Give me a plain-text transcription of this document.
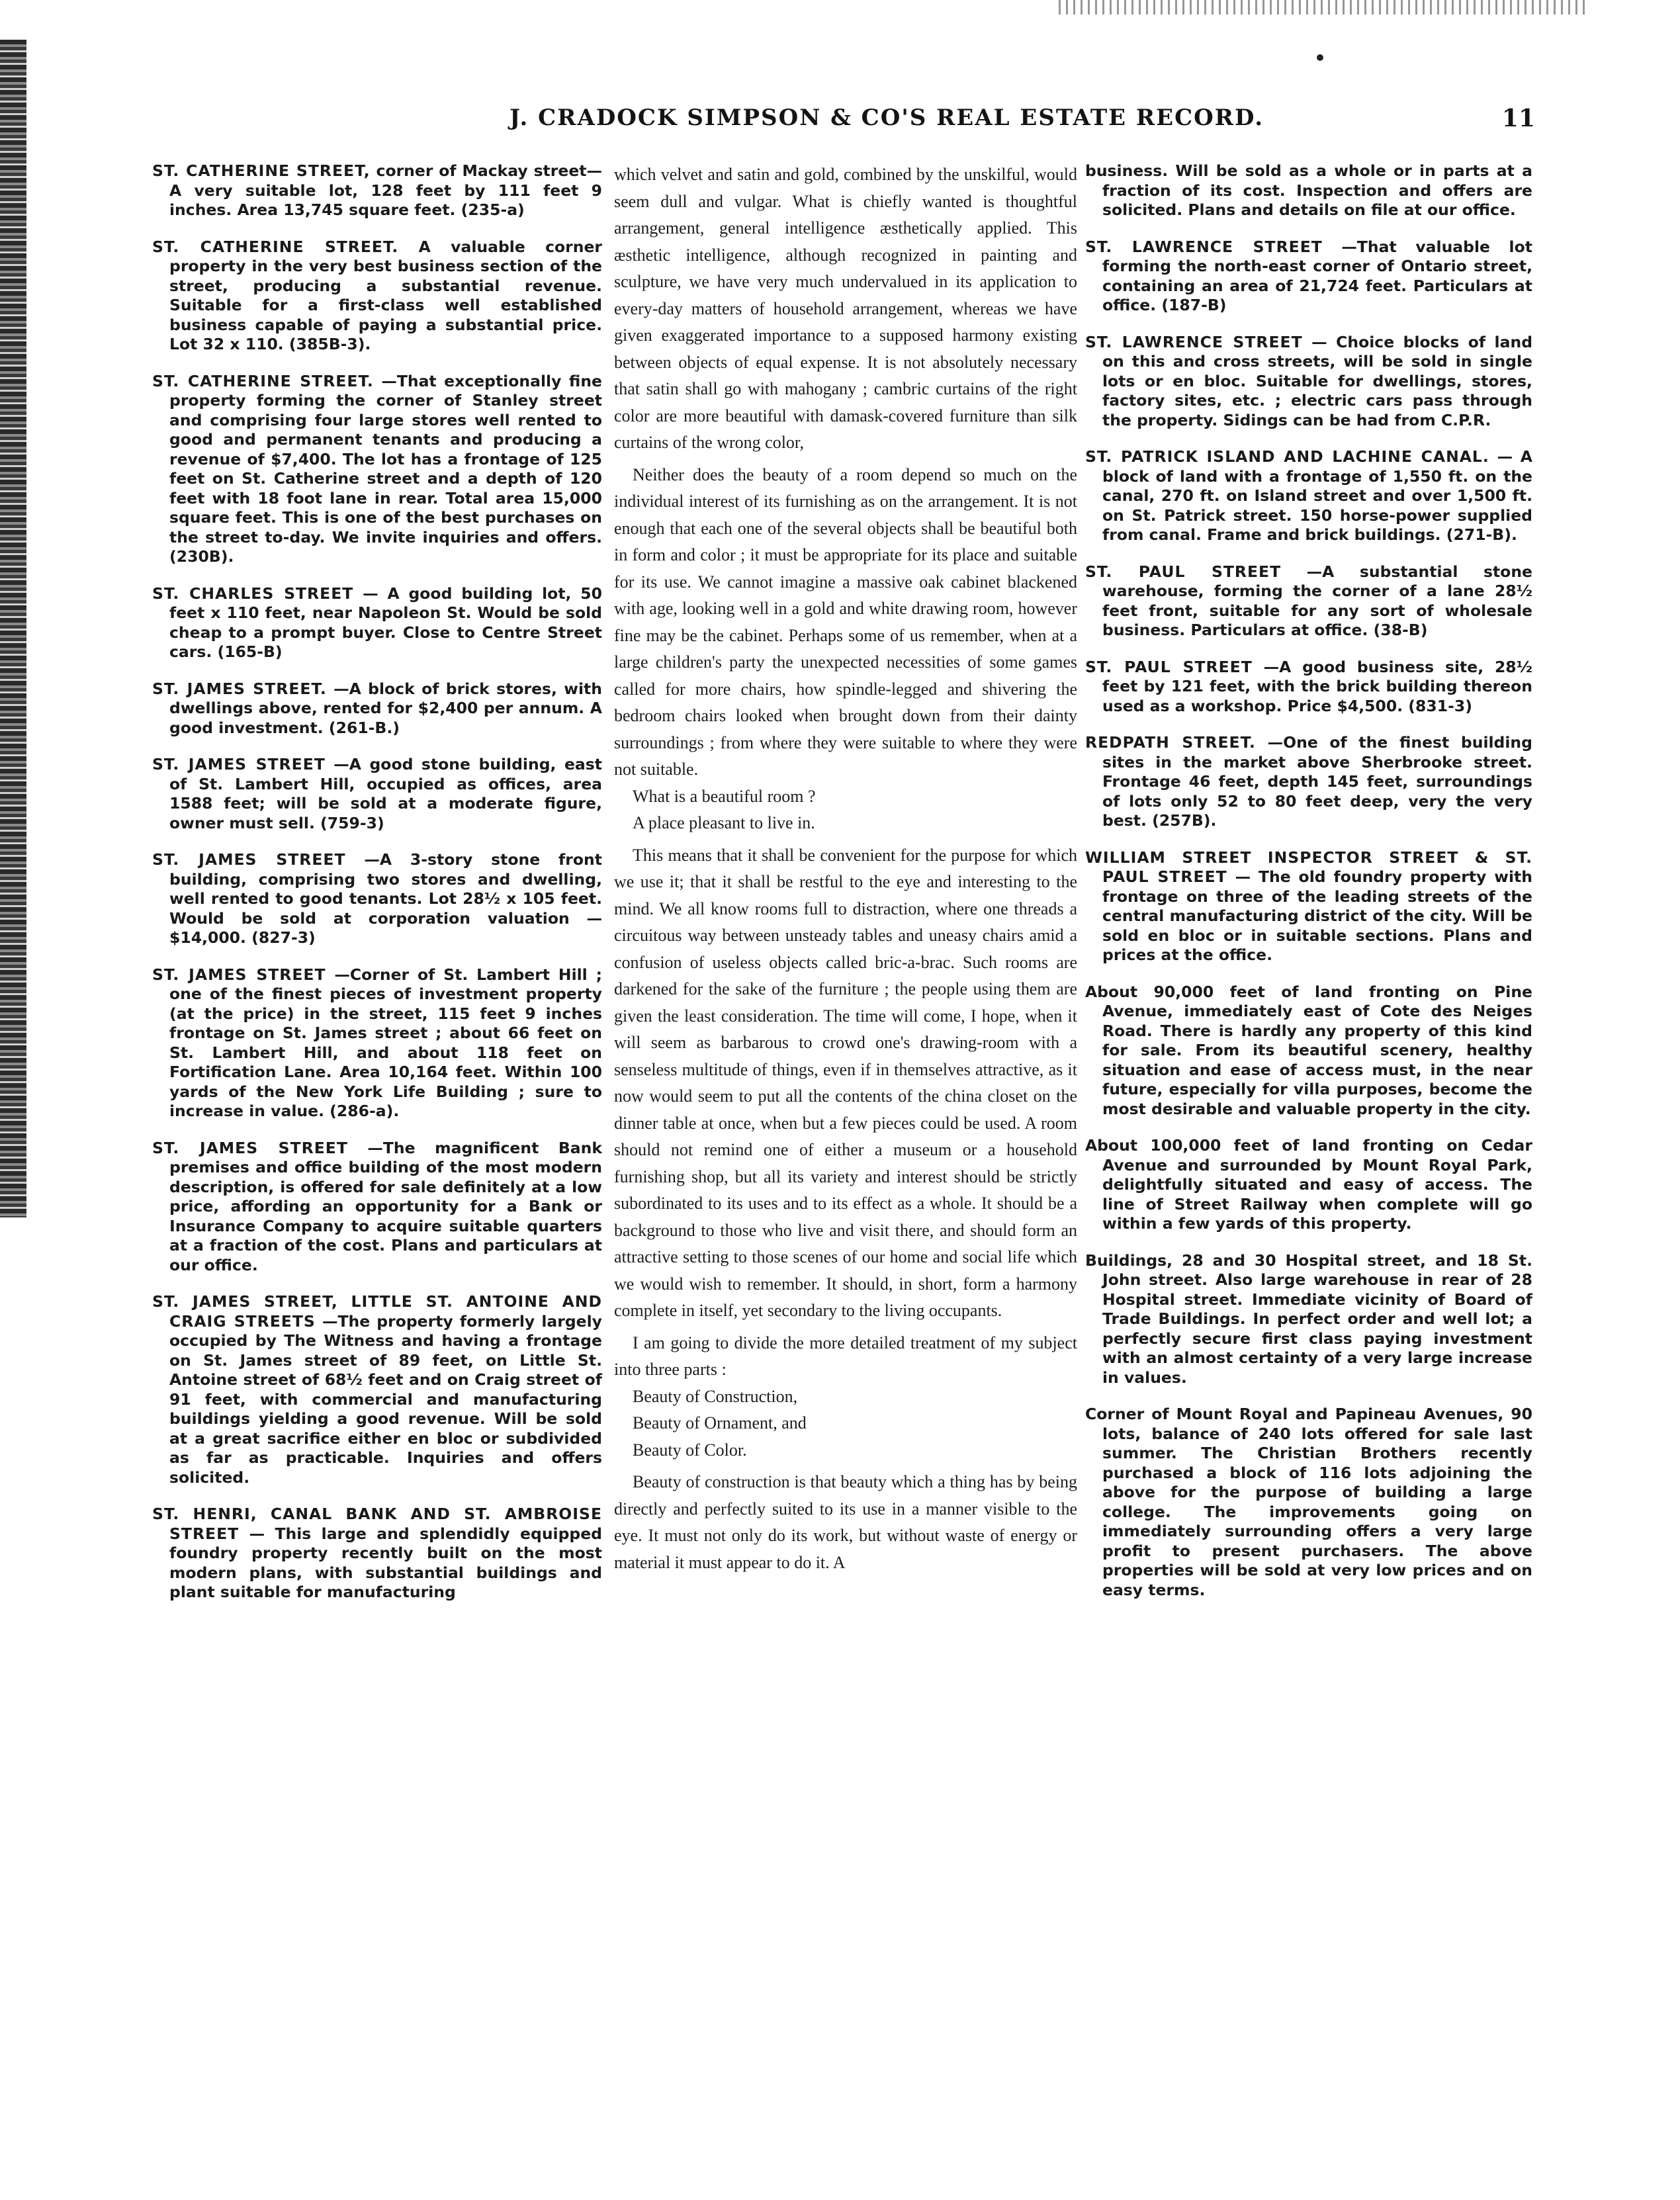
J. CRADOCK SIMPSON & CO'S REAL ESTATE RECORD.	11

ST. CATHERINE STREET, corner of Mackay street—A very suitable lot, 128 feet by 111 feet 9 inches. Area 13,745 square feet. (235-a)

ST. CATHERINE STREET. A valuable corner property in the very best business section of the street, producing a substantial revenue. Suitable for a first-class well established business capable of paying a substantial price. Lot 32 x 110. (385B-3).

ST. CATHERINE STREET. —That exceptionally fine property forming the corner of Stanley street and comprising four large stores well rented to good and permanent tenants and producing a revenue of $7,400. The lot has a frontage of 125 feet on St. Catherine street and a depth of 120 feet with 18 foot lane in rear. Total area 15,000 square feet. This is one of the best purchases on the street to-day. We invite inquiries and offers. (230B).

ST. CHARLES STREET — A good building lot, 50 feet x 110 feet, near Napoleon St. Would be sold cheap to a prompt buyer. Close to Centre Street cars. (165-B)

ST. JAMES STREET. —A block of brick stores, with dwellings above, rented for $2,400 per annum. A good investment. (261-B.)

ST. JAMES STREET —A good stone building, east of St. Lambert Hill, occupied as offices, area 1588 feet; will be sold at a moderate figure, owner must sell. (759-3)

ST. JAMES STREET —A 3-story stone front building, comprising two stores and dwelling, well rented to good tenants. Lot 28½ x 105 feet. Would be sold at corporation valuation — $14,000. (827-3)

ST. JAMES STREET —Corner of St. Lambert Hill ; one of the finest pieces of investment property (at the price) in the street, 115 feet 9 inches frontage on St. James street ; about 66 feet on St. Lambert Hill, and about 118 feet on Fortification Lane. Area 10,164 feet. Within 100 yards of the New York Life Building ; sure to increase in value. (286-a).

ST. JAMES STREET —The magnificent Bank premises and office building of the most modern description, is offered for sale definitely at a low price, affording an opportunity for a Bank or Insurance Company to acquire suitable quarters at a fraction of the cost. Plans and particulars at our office.

ST. JAMES STREET, LITTLE ST. ANTOINE AND CRAIG STREETS —The property formerly largely occupied by The Witness and having a frontage on St. James street of 89 feet, on Little St. Antoine street of 68½ feet and on Craig street of 91 feet, with commercial and manufacturing buildings yielding a good revenue. Will be sold at a great sacrifice either en bloc or subdivided as far as practicable. Inquiries and offers solicited.

ST. HENRI, CANAL BANK AND ST. AMBROISE STREET — This large and splendidly equipped foundry property recently built on the most modern plans, with substantial buildings and plant suitable for manufacturing

which velvet and satin and gold, combined by the unskilful, would seem dull and vulgar. What is chiefly wanted is thoughtful arrangement, general intelligence æsthetically applied. This æsthetic intelligence, although recognized in painting and sculpture, we have very much undervalued in its application to every-day matters of household arrangement, whereas we have given exaggerated importance to a supposed harmony existing between objects of equal expense. It is not absolutely necessary that satin shall go with mahogany ; cambric curtains of the right color are more beautiful with damask-covered furniture than silk curtains of the wrong color,

Neither does the beauty of a room depend so much on the individual interest of its furnishing as on the arrangement. It is not enough that each one of the several objects shall be beautiful both in form and color ; it must be appropriate for its place and suitable for its use. We cannot imagine a massive oak cabinet blackened with age, looking well in a gold and white drawing room, however fine may be the cabinet. Perhaps some of us remember, when at a large children's party the unexpected necessities of some games called for more chairs, how spindle-legged and shivering the bedroom chairs looked when brought down from their dainty surroundings ; from where they were suitable to where they were not suitable.

What is a beautiful room ?

A place pleasant to live in.

This means that it shall be convenient for the purpose for which we use it; that it shall be restful to the eye and interesting to the mind. We all know rooms full to distraction, where one threads a circuitous way between unsteady tables and uneasy chairs amid a confusion of useless objects called bric-a-brac. Such rooms are darkened for the sake of the furniture ; the people using them are given the least consideration. The time will come, I hope, when it will seem as barbarous to crowd one's drawing-room with a senseless multitude of things, even if in themselves attractive, as it now would seem to put all the contents of the china closet on the dinner table at once, when but a few pieces could be used. A room should not remind one of either a museum or a household furnishing shop, but all its variety and interest should be strictly subordinated to its uses and to its effect as a whole. It should be a background to those who live and visit there, and should form an attractive setting to those scenes of our home and social life which we would wish to remember. It should, in short, form a harmony complete in itself, yet secondary to the living occupants.

I am going to divide the more detailed treatment of my subject into three parts :

Beauty of Construction,

Beauty of Ornament, and

Beauty of Color.

Beauty of construction is that beauty which a thing has by being directly and perfectly suited to its use in a manner visible to the eye. It must not only do its work, but without waste of energy or material it must appear to do it. A

business. Will be sold as a whole or in parts at a fraction of its cost. Inspection and offers are solicited. Plans and details on file at our office.

ST. LAWRENCE STREET —That valuable lot forming the north-east corner of Ontario street, containing an area of 21,724 feet. Particulars at office. (187-B)

ST. LAWRENCE STREET — Choice blocks of land on this and cross streets, will be sold in single lots or en bloc. Suitable for dwellings, stores, factory sites, etc. ; electric cars pass through the property. Sidings can be had from C.P.R.

ST. PATRICK ISLAND AND LACHINE CANAL. — A block of land with a frontage of 1,550 ft. on the canal, 270 ft. on Island street and over 1,500 ft. on St. Patrick street. 150 horse-power supplied from canal. Frame and brick buildings. (271-B).

ST. PAUL STREET —A substantial stone warehouse, forming the corner of a lane 28½ feet front, suitable for any sort of wholesale business. Particulars at office. (38-B)

ST. PAUL STREET —A good business site, 28½ feet by 121 feet, with the brick building thereon used as a workshop. Price $4,500. (831-3)

REDPATH STREET. —One of the finest building sites in the market above Sherbrooke street. Frontage 46 feet, depth 145 feet, surroundings of lots only 52 to 80 feet deep, very the very best. (257B).

WILLIAM STREET INSPECTOR STREET & ST. PAUL STREET — The old foundry property with frontage on three of the leading streets of the central manufacturing district of the city. Will be sold en bloc or in suitable sections. Plans and prices at the office.

About 90,000 feet of land fronting on Pine Avenue, immediately east of Cote des Neiges Road. There is hardly any property of this kind for sale. From its beautiful scenery, healthy situation and ease of access must, in the near future, especially for villa purposes, become the most desirable and valuable property in the city.

About 100,000 feet of land fronting on Cedar Avenue and surrounded by Mount Royal Park, delightfully situated and easy of access. The line of Street Railway when complete will go within a few yards of this property.

Buildings, 28 and 30 Hospital street, and 18 St. John street. Also large warehouse in rear of 28 Hospital street. Immediate vicinity of Board of Trade Buildings. In perfect order and well lot; a perfectly secure first class paying investment with an almost certainty of a very large increase in values.

Corner of Mount Royal and Papineau Avenues, 90 lots, balance of 240 lots offered for sale last summer. The Christian Brothers recently purchased a block of 116 lots adjoining the above for the purpose of building a large college. The improvements going on immediately surrounding offers a very large profit to present purchasers. The above properties will be sold at very low prices and on easy terms.
